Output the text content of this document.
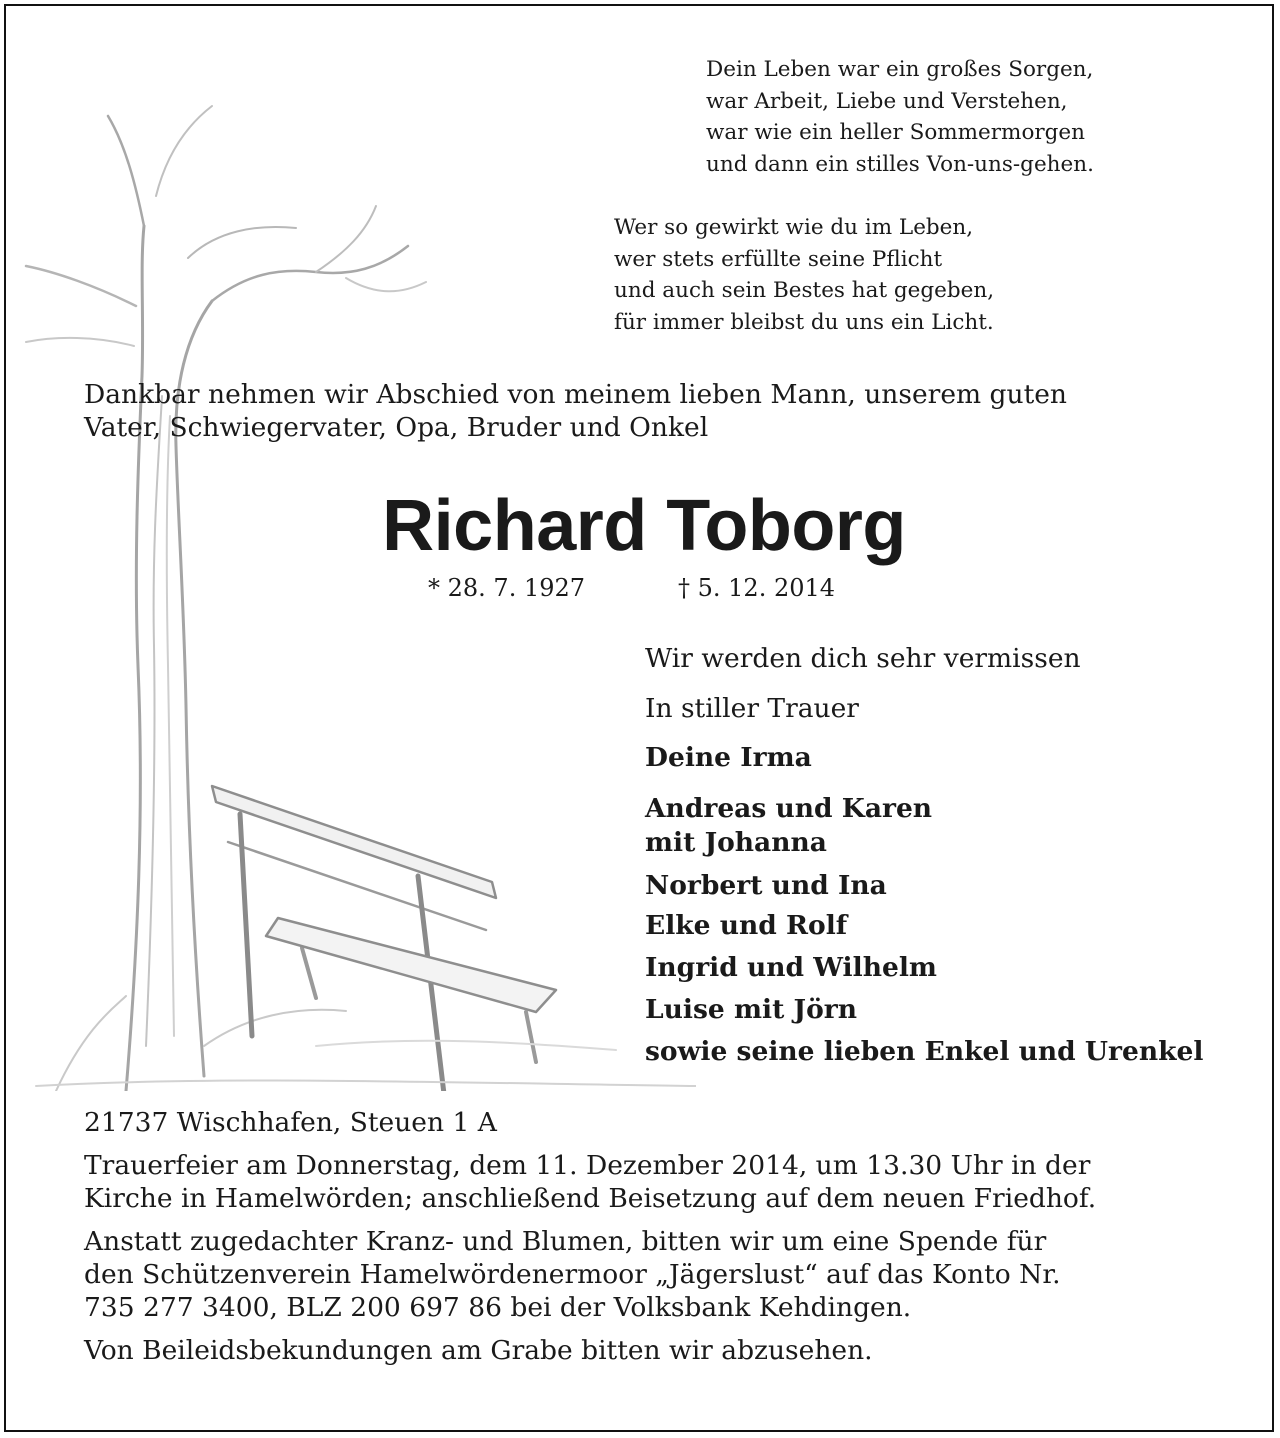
Dein Leben war ein großes Sorgen,
war Arbeit, Liebe und Verstehen,
war wie ein heller Sommermorgen
und dann ein stilles Von-uns-gehen.
Wer so gewirkt wie du im Leben,
wer stets erfüllte seine Pflicht
und auch sein Bestes hat gegeben,
für immer bleibst du uns ein Licht.
Dankbar nehmen wir Abschied von meinem lieben Mann, unserem guten
Vater, Schwiegervater, Opa, Bruder und Onkel
Richard Toborg
* 28. 7. 1927	† 5. 12. 2014
Wir werden dich sehr vermissen
In stiller Trauer
Deine Irma
Andreas und Karen
mit Johanna
Norbert und Ina
Elke und Rolf
Ingrid und Wilhelm
Luise mit Jörn
sowie seine lieben Enkel und Urenkel

21737 Wischhafen, Steuen 1 A

Trauerfeier am Donnerstag, dem 11. Dezember 2014, um 13.30 Uhr in der
Kirche in Hamelwörden; anschließend Beisetzung auf dem neuen Friedhof.

Anstatt zugedachter Kranz- und Blumen, bitten wir um eine Spende für
den Schützenverein Hamelwördenermoor „Jägerslust“ auf das Konto Nr.
735 277 3400, BLZ 200 697 86 bei der Volksbank Kehdingen.

Von Beileidsbekundungen am Grabe bitten wir abzusehen.
